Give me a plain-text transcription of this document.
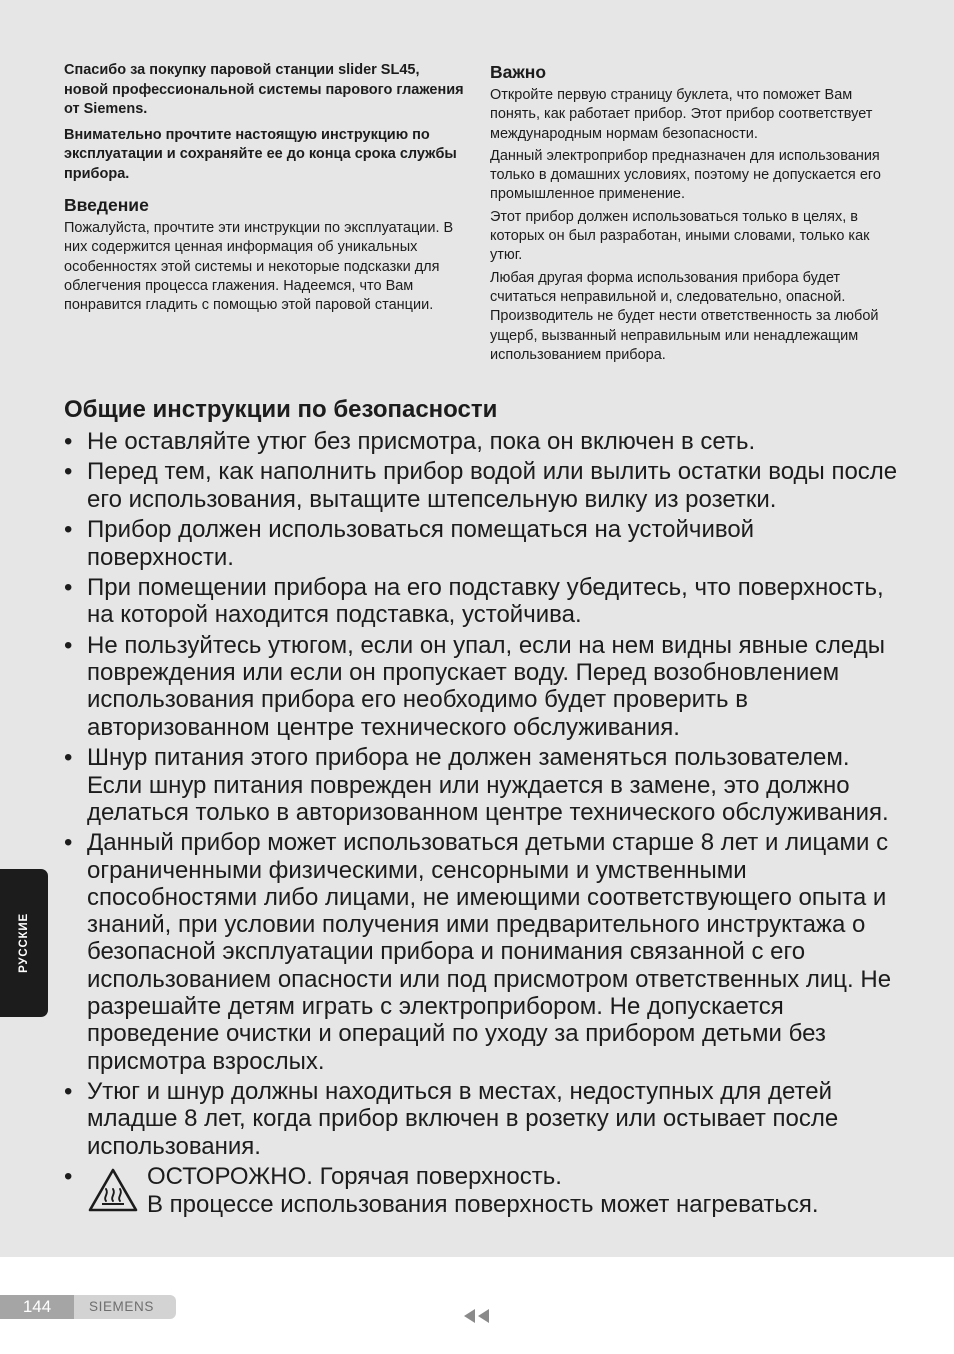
Спасибо за покупку паровой станции slider SL45, новой профессиональной системы парового глажения от Siemens.

Внимательно прочтите настоящую инструкцию по эксплуатации и сохраняйте ее до конца срока службы прибора.

Введение

Пожалуйста, прочтите эти инструкции по эксплуатации. В них содержится ценная информация об уникальных особенностях этой системы и некоторые подсказки для облегчения процесса глажения. Надеемся, что Вам понравится гладить с помощью этой паровой станции.

Важно

Откройте первую страницу буклета, что поможет Вам понять, как работает прибор. Этот прибор соответствует международным нормам безопасности.

Данный электроприбор предназначен для использования только в домашних условиях, поэтому не допускается его промышленное применение.

Этот прибор должен использоваться только в целях, в которых он был разработан, иными словами, только как утюг.

Любая другая форма использования прибора будет считаться неправильной и, следовательно, опасной. Производитель не будет нести ответственность за любой ущерб, вызванный неправильным или ненадлежащим использованием прибора.

Общие инструкции по безопасности
• Не оставляйте утюг без присмотра, пока он включен в сеть.
• Перед тем, как наполнить прибор водой или вылить остатки воды после его использования, вытащите штепсельную вилку из розетки.
• Прибор должен использоваться помещаться на устойчивой поверхности.
• При помещении прибора на его подставку убедитесь, что поверхность, на которой находится подставка, устойчива.
• Не пользуйтесь утюгом, если он упал, если на нем видны явные следы повреждения или если он пропускает воду. Перед возобновлением использования прибора его необходимо будет проверить в авторизованном центре технического обслуживания.
• Шнур питания этого прибора не должен заменяться пользователем. Если шнур питания поврежден или нуждается в замене, это должно делаться только в авторизованном центре технического обслуживания.
• Данный прибор может использоваться детьми старше 8 лет и лицами с ограниченными физическими, сенсорными и умственными способностями либо лицами, не имеющими соответствующего опыта и знаний, при условии получения ими предварительного инструктажа о безопасной эксплуатации прибора и понимания связанной с его использованием опасности или под присмотром ответственных лиц. Не разрешайте детям играть с электроприбором. Не допускается проведение очистки и операций по уходу за прибором детьми без присмотра взрослых.
• Утюг и шнур должны находиться в местах, недоступных для детей младше 8 лет, когда прибор включен в розетку или остывает после использования.
•	ОСТОРОЖНО. Горячая поверхность.
В процессе использования поверхность может нагреваться.
РУССКИЕ
144	SIEMENS
